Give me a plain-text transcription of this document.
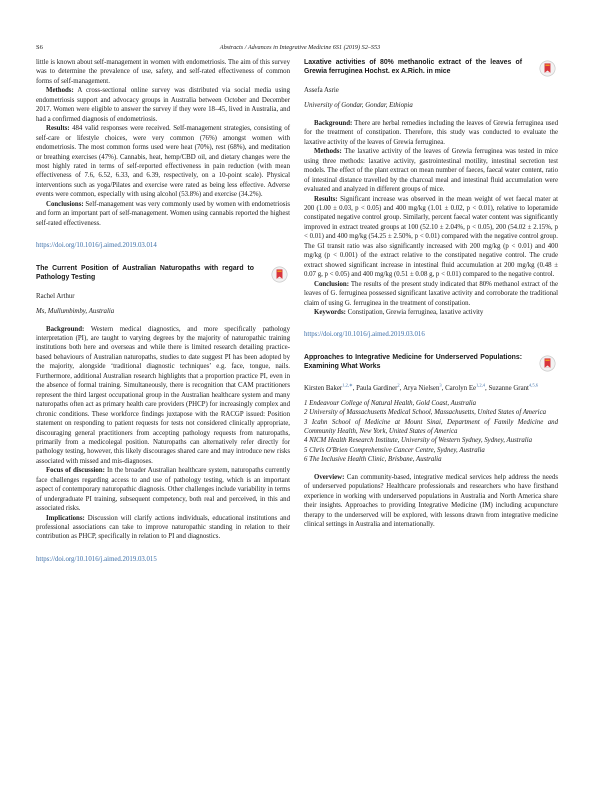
S6	Abstracts / Advances in Integrative Medicine 6S1 (2019) S2–S53

little is known about self-management in women with endometriosis. The aim of this survey was to determine the prevalence of use, safety, and self-rated effectiveness of common forms of self-management.

Methods: A cross-sectional online survey was distributed via social media using endometriosis support and advocacy groups in Australia between October and December 2017. Women were eligible to answer the survey if they were 18–45, lived in Australia, and had a confirmed diagnosis of endometriosis.

Results: 484 valid responses were received. Self-management strategies, consisting of self-care or lifestyle choices, were very common (76%) amongst women with endometriosis. The most common forms used were heat (70%), rest (68%), and meditation or breathing exercises (47%). Cannabis, heat, hemp/CBD oil, and dietary changes were the most highly rated in terms of self-reported effectiveness in pain reduction (with mean effectiveness of 7.6, 6.52, 6.33, and 6.39, respectively, on a 10-point scale). Physical interventions such as yoga/Pilates and exercise were rated as being less effective. Adverse events were common, especially with using alcohol (53.8%) and exercise (34.2%).

Conclusions: Self-management was very commonly used by women with endometriosis and form an important part of self-management. Women using cannabis reported the highest self-rated effectiveness.

https://doi.org/10.1016/j.aimed.2019.03.014

The Current Position of Australian Naturopaths with regard to Pathology Testing

Rachel Arthur

Ms, Mullumbimby, Australia

Background: Western medical diagnostics, and more specifically pathology interpretation (PI), are taught to varying degrees by the majority of naturopathic training institutions both here and overseas and while there is limited research detailing practice-based behaviours of Australian naturopaths, studies to date suggest PI has been adopted by the majority, alongside ‘traditional diagnostic techniques’ e.g. face, tongue, nails. Furthermore, additional Australian research highlights that a proportion practice PI, even in the absence of formal training. Simultaneously, there is recognition that CAM practitioners represent the third largest occupational group in the Australian healthcare system and many naturopaths often act as primary health care providers (PHCP) for increasingly complex and chronic conditions. These workforce findings juxtapose with the RACGP issued: Position statement on responding to patient requests for tests not considered clinically appropriate, discouraging general practitioners from accepting pathology requests from naturopaths, primarily from a medicolegal position. Naturopaths can alternatively refer directly for pathology testing, however, this likely discourages shared care and may introduce new risks associated with missed and mis-diagnoses.

Focus of discussion: In the broader Australian healthcare system, naturopaths currently face challenges regarding access to and use of pathology testing, which is an important aspect of contemporary naturopathic diagnosis. Other challenges include variability in terms of undergraduate PI training, subsequent competency, both real and perceived, in this and associated risks.

Implications: Discussion will clarify actions individuals, educational institutions and professional associations can take to improve naturopathic standing in relation to their contribution as PHCP, specifically in relation to PI and diagnostics.

https://doi.org/10.1016/j.aimed.2019.03.015

Laxative activities of 80% methanolic extract of the leaves of Grewia ferruginea Hochst. ex A.Rich. in mice

Assefa Asrie

University of Gondar, Gondar, Ethiopia

Background: There are herbal remedies including the leaves of Grewia ferruginea used for the treatment of constipation. Therefore, this study was conducted to evaluate the laxative activity of the leaves of Grewia ferruginea.

Methods: The laxative activity of the leaves of Grewia ferruginea was tested in mice using three methods: laxative activity, gastrointestinal motility, intestinal secretion test models. The effect of the plant extract on mean number of faeces, faecal water content, ratio of intestinal distance travelled by the charcoal meal and intestinal fluid accumulation were evaluated and analyzed in different groups of mice.

Results: Significant increase was observed in the mean weight of wet faecal mater at 200 (1.00 ± 0.03, p < 0.05) and 400 mg/kg (1.01 ± 0.02, p < 0.01), relative to loperamide constipated negative control group. Similarly, percent faecal water content was significantly improved in extract treated groups at 100 (52.10 ± 2.04%, p < 0.05), 200 (54.02 ± 2.15%, p < 0.01) and 400 mg/kg (54.25 ± 2.50%, p < 0.01) compared with the negative control group. The GI transit ratio was also significantly increased with 200 mg/kg (p < 0.01) and 400 mg/kg (p < 0.001) of the extract relative to the constipated negative control. The crude extract showed significant increase in intestinal fluid accumulation at 200 mg/kg (0.48 ± 0.07 g, p < 0.05) and 400 mg/kg (0.51 ± 0.08 g, p < 0.01) compared to the negative control.

Conclusion: The results of the present study indicated that 80% methanol extract of the leaves of G. ferruginea possessed significant laxative activity and corroborate the traditional claim of using G. ferruginea in the treatment of constipation.

Keywords: Constipation, Grewia ferruginea, laxative activity

https://doi.org/10.1016/j.aimed.2019.03.016

Approaches to Integrative Medicine for Underserved Populations: Examining What Works

Kirsten Baker$^{1,2,∗}$, Paula Gardiner$^2$, Arya Nielsen$^3$, Carolyn Ee$^{1,2,4}$, Suzanne Grant$^{4,5,6}$

1 Endeavour College of Natural Health, Gold Coast, Australia

2 University of Massachusetts Medical School, Massachusetts, United States of America

3 Icahn School of Medicine at Mount Sinai, Department of Family Medicine and Community Health, New York, United States of America

4 NICM Health Research Institute, University of Western Sydney, Sydney, Australia

5 Chris O'Brien Comprehensive Cancer Centre, Sydney, Australia

6 The Inclusive Health Clinic, Brisbane, Australia

Overview: Can community-based, integrative medical services help address the needs of underserved populations? Healthcare professionals and researchers who have firsthand experience in working with underserved populations in Australia and North America share their insights. Approaches to providing Integrative Medicine (IM) including acupuncture therapy to the underserved will be explored, with lessons drawn from integrative medicine clinical settings in Australia and internationally.
